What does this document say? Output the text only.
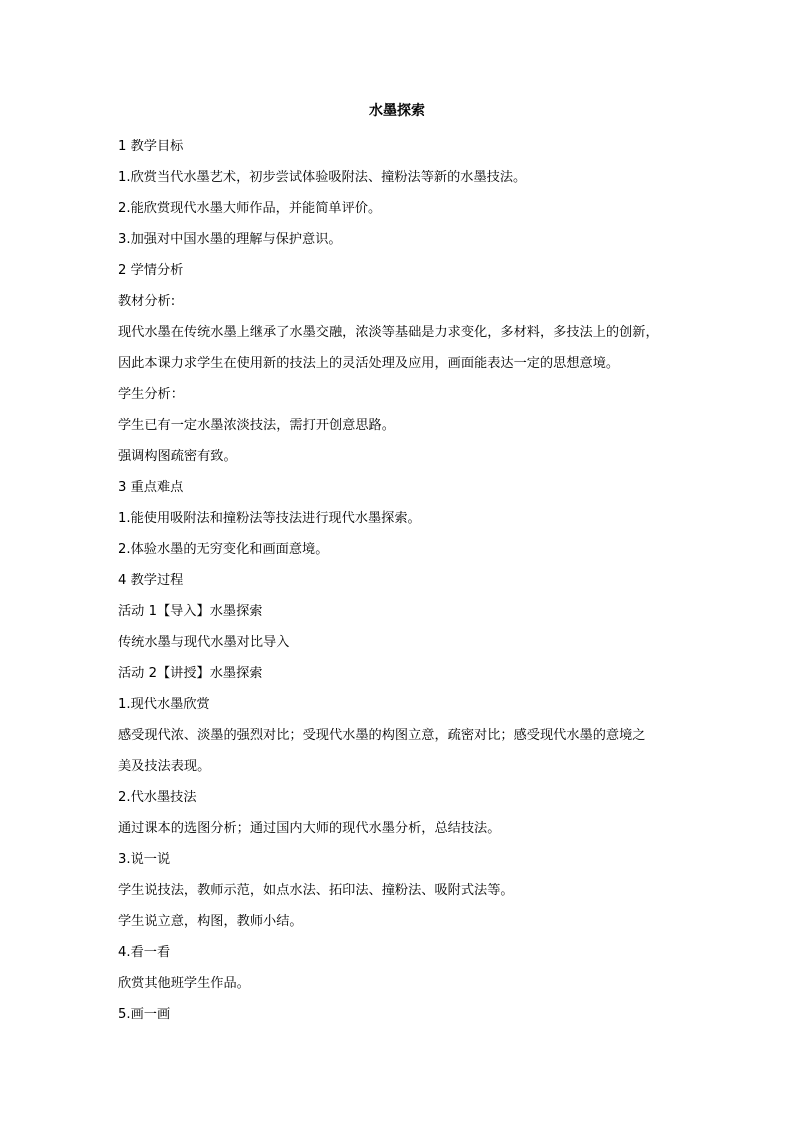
水墨探索
1 教学目标
1.欣赏当代水墨艺术，初步尝试体验吸附法、撞粉法等新的水墨技法。
2.能欣赏现代水墨大师作品，并能简单评价。
3.加强对中国水墨的理解与保护意识。
2 学情分析
教材分析:
现代水墨在传统水墨上继承了水墨交融，浓淡等基础是力求变化，多材料，多技法上的创新，
因此本课力求学生在使用新的技法上的灵活处理及应用，画面能表达一定的思想意境。
学生分析：
学生已有一定水墨浓淡技法，需打开创意思路。
强调构图疏密有致。
3 重点难点
1.能使用吸附法和撞粉法等技法进行现代水墨探索。
2.体验水墨的无穷变化和画面意境。
4 教学过程
活动 1【导入】水墨探索
传统水墨与现代水墨对比导入
活动 2【讲授】水墨探索
1.现代水墨欣赏
感受现代浓、淡墨的强烈对比；受现代水墨的构图立意，疏密对比；感受现代水墨的意境之
美及技法表现。
2.代水墨技法
通过课本的选图分析；通过国内大师的现代水墨分析，总结技法。
3.说一说
学生说技法，教师示范，如点水法、拓印法、撞粉法、吸附式法等。
学生说立意，构图，教师小结。
4.看一看
欣赏其他班学生作品。
5.画一画
